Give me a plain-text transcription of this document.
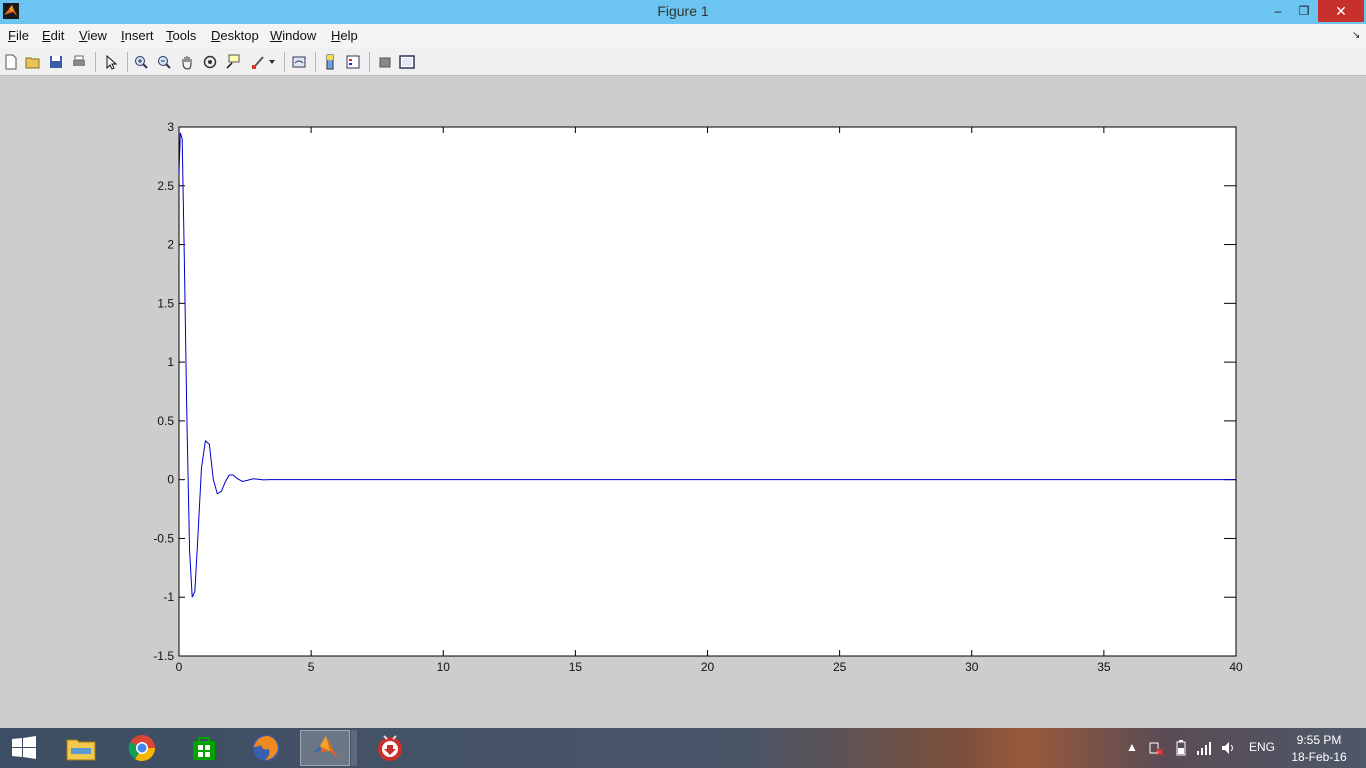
Figure 1	–	❐	✕
File Edit View Insert Tools Desktop Window Help	↘
0	5	10	15	20	25	30	35	40
-1.5
-1
-0.5
0
0.5
1
1.5
2
2.5
3
▲	ENG	9:55 PM
18-Feb-16
